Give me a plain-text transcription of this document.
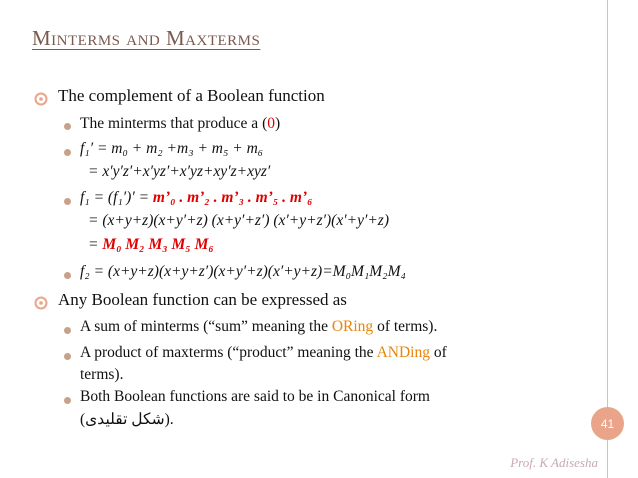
Minterms and Maxterms
The complement of a Boolean function
The minterms that produce a (0)
f₁′ = m₀ + m₂ +m₃ + m₅ + m₆
= x′y′z′+x′yz′+x′yz+xy′z+xyz′
f₁ = (f₁′)′ = m’₀ . m’₂ . m’₃ . m’₅ . m’₆
= (x+y+z)(x+y′+z) (x+y′+z′) (x′+y+z′)(x′+y′+z)
= M₀ M₂ M₃ M₅ M₆
f₂ = (x+y+z)(x+y+z′)(x+y′+z)(x′+y+z)=M₀M₁M₂M₄
Any Boolean function can be expressed as
A sum of minterms (“sum” meaning the ORing of terms).
A product of maxterms (“product” meaning the ANDing of
terms).
Both Boolean functions are said to be in Canonical form
(شكل تقليدى).	41
Prof. K Adisesha
